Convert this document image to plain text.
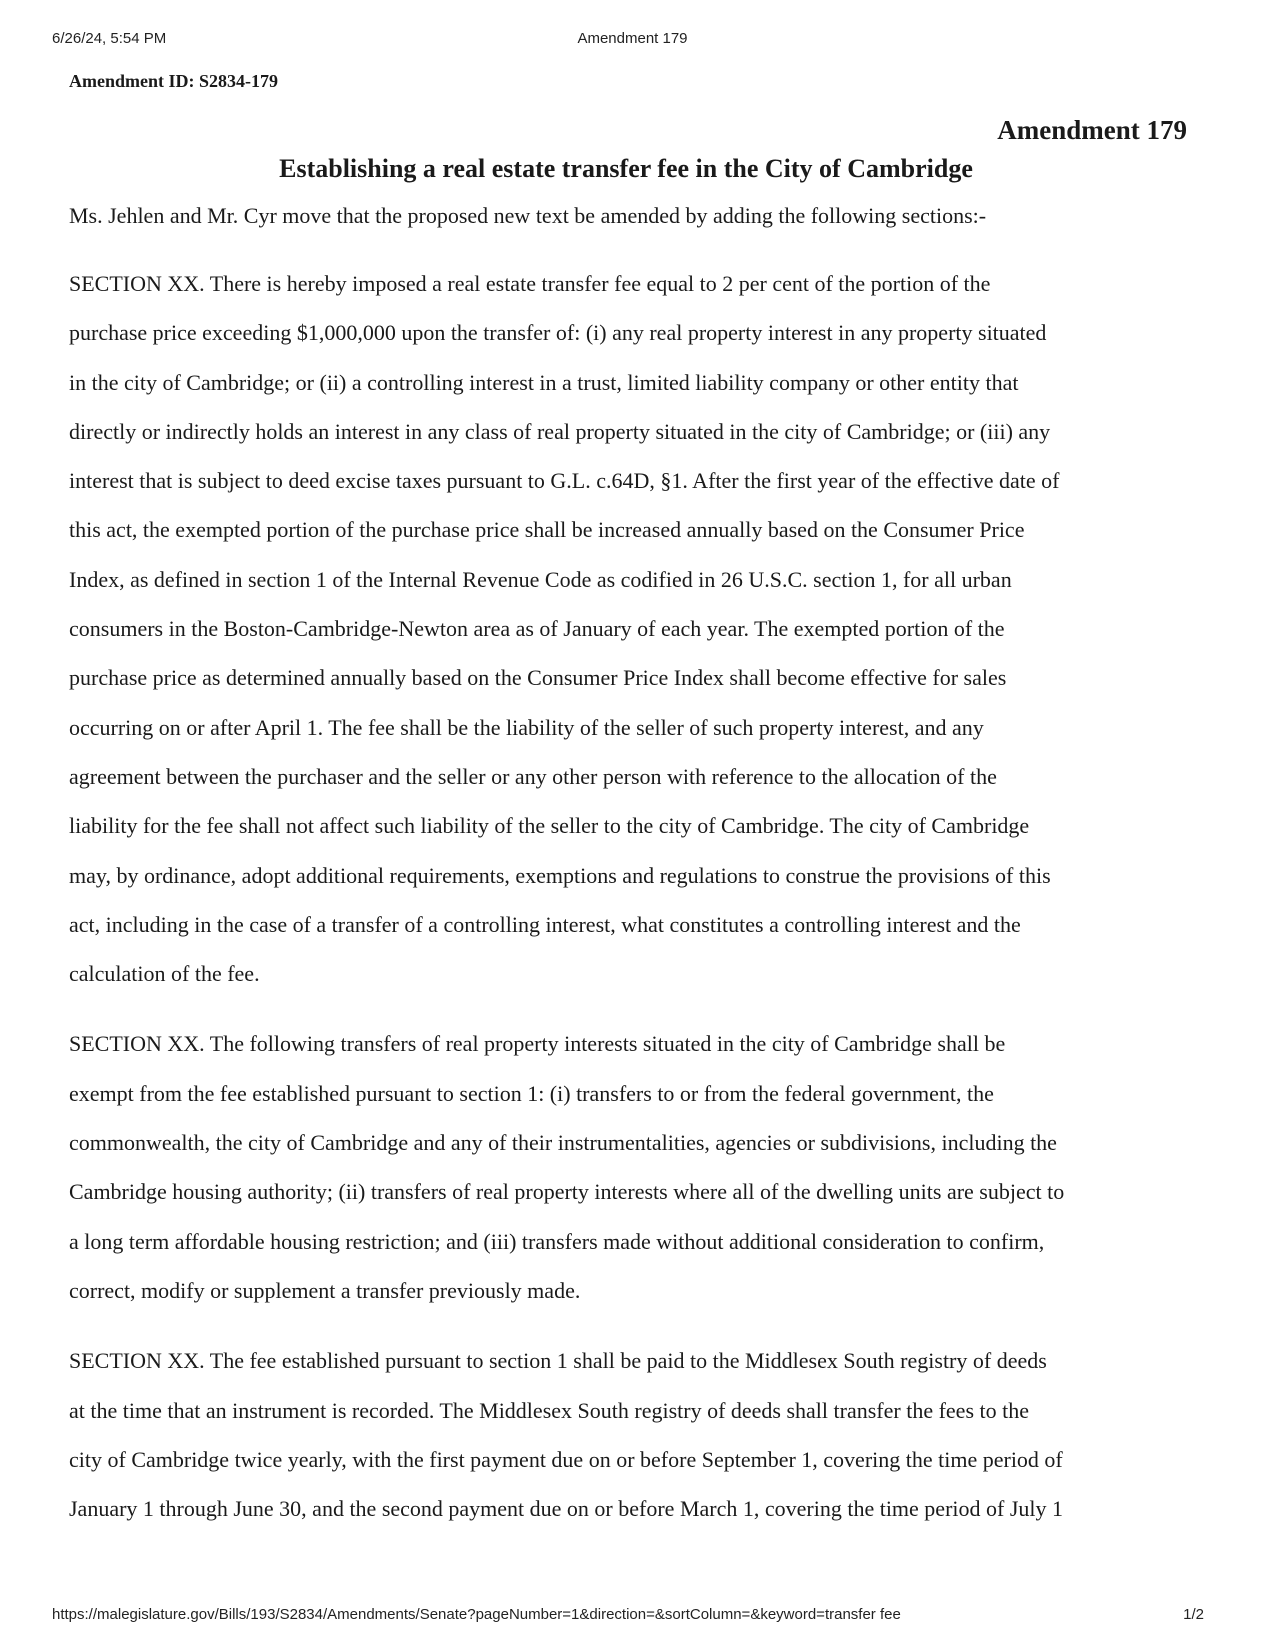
6/26/24, 5:54 PM	Amendment 179

Amendment ID: S2834-179

Amendment 179

Establishing a real estate transfer fee in the City of Cambridge

Ms. Jehlen and Mr. Cyr move that the proposed new text be amended by adding the following sections:-

SECTION XX. There is hereby imposed a real estate transfer fee equal to 2 per cent of the portion of the
purchase price exceeding $1,000,000 upon the transfer of: (i) any real property interest in any property situated
in the city of Cambridge; or (ii) a controlling interest in a trust, limited liability company or other entity that
directly or indirectly holds an interest in any class of real property situated in the city of Cambridge; or (iii) any
interest that is subject to deed excise taxes pursuant to G.L. c.64D, §1. After the first year of the effective date of
this act, the exempted portion of the purchase price shall be increased annually based on the Consumer Price
Index, as defined in section 1 of the Internal Revenue Code as codified in 26 U.S.C. section 1, for all urban
consumers in the Boston-Cambridge-Newton area as of January of each year. The exempted portion of the
purchase price as determined annually based on the Consumer Price Index shall become effective for sales
occurring on or after April 1. The fee shall be the liability of the seller of such property interest, and any
agreement between the purchaser and the seller or any other person with reference to the allocation of the
liability for the fee shall not affect such liability of the seller to the city of Cambridge. The city of Cambridge
may, by ordinance, adopt additional requirements, exemptions and regulations to construe the provisions of this
act, including in the case of a transfer of a controlling interest, what constitutes a controlling interest and the
calculation of the fee.

SECTION XX. The following transfers of real property interests situated in the city of Cambridge shall be
exempt from the fee established pursuant to section 1: (i) transfers to or from the federal government, the
commonwealth, the city of Cambridge and any of their instrumentalities, agencies or subdivisions, including the
Cambridge housing authority; (ii) transfers of real property interests where all of the dwelling units are subject to
a long term affordable housing restriction; and (iii) transfers made without additional consideration to confirm,
correct, modify or supplement a transfer previously made.

SECTION XX. The fee established pursuant to section 1 shall be paid to the Middlesex South registry of deeds
at the time that an instrument is recorded. The Middlesex South registry of deeds shall transfer the fees to the
city of Cambridge twice yearly, with the first payment due on or before September 1, covering the time period of
January 1 through June 30, and the second payment due on or before March 1, covering the time period of July 1

https://malegislature.gov/Bills/193/S2834/Amendments/Senate?pageNumber=1&direction=&sortColumn=&keyword=transfer fee	1/2
